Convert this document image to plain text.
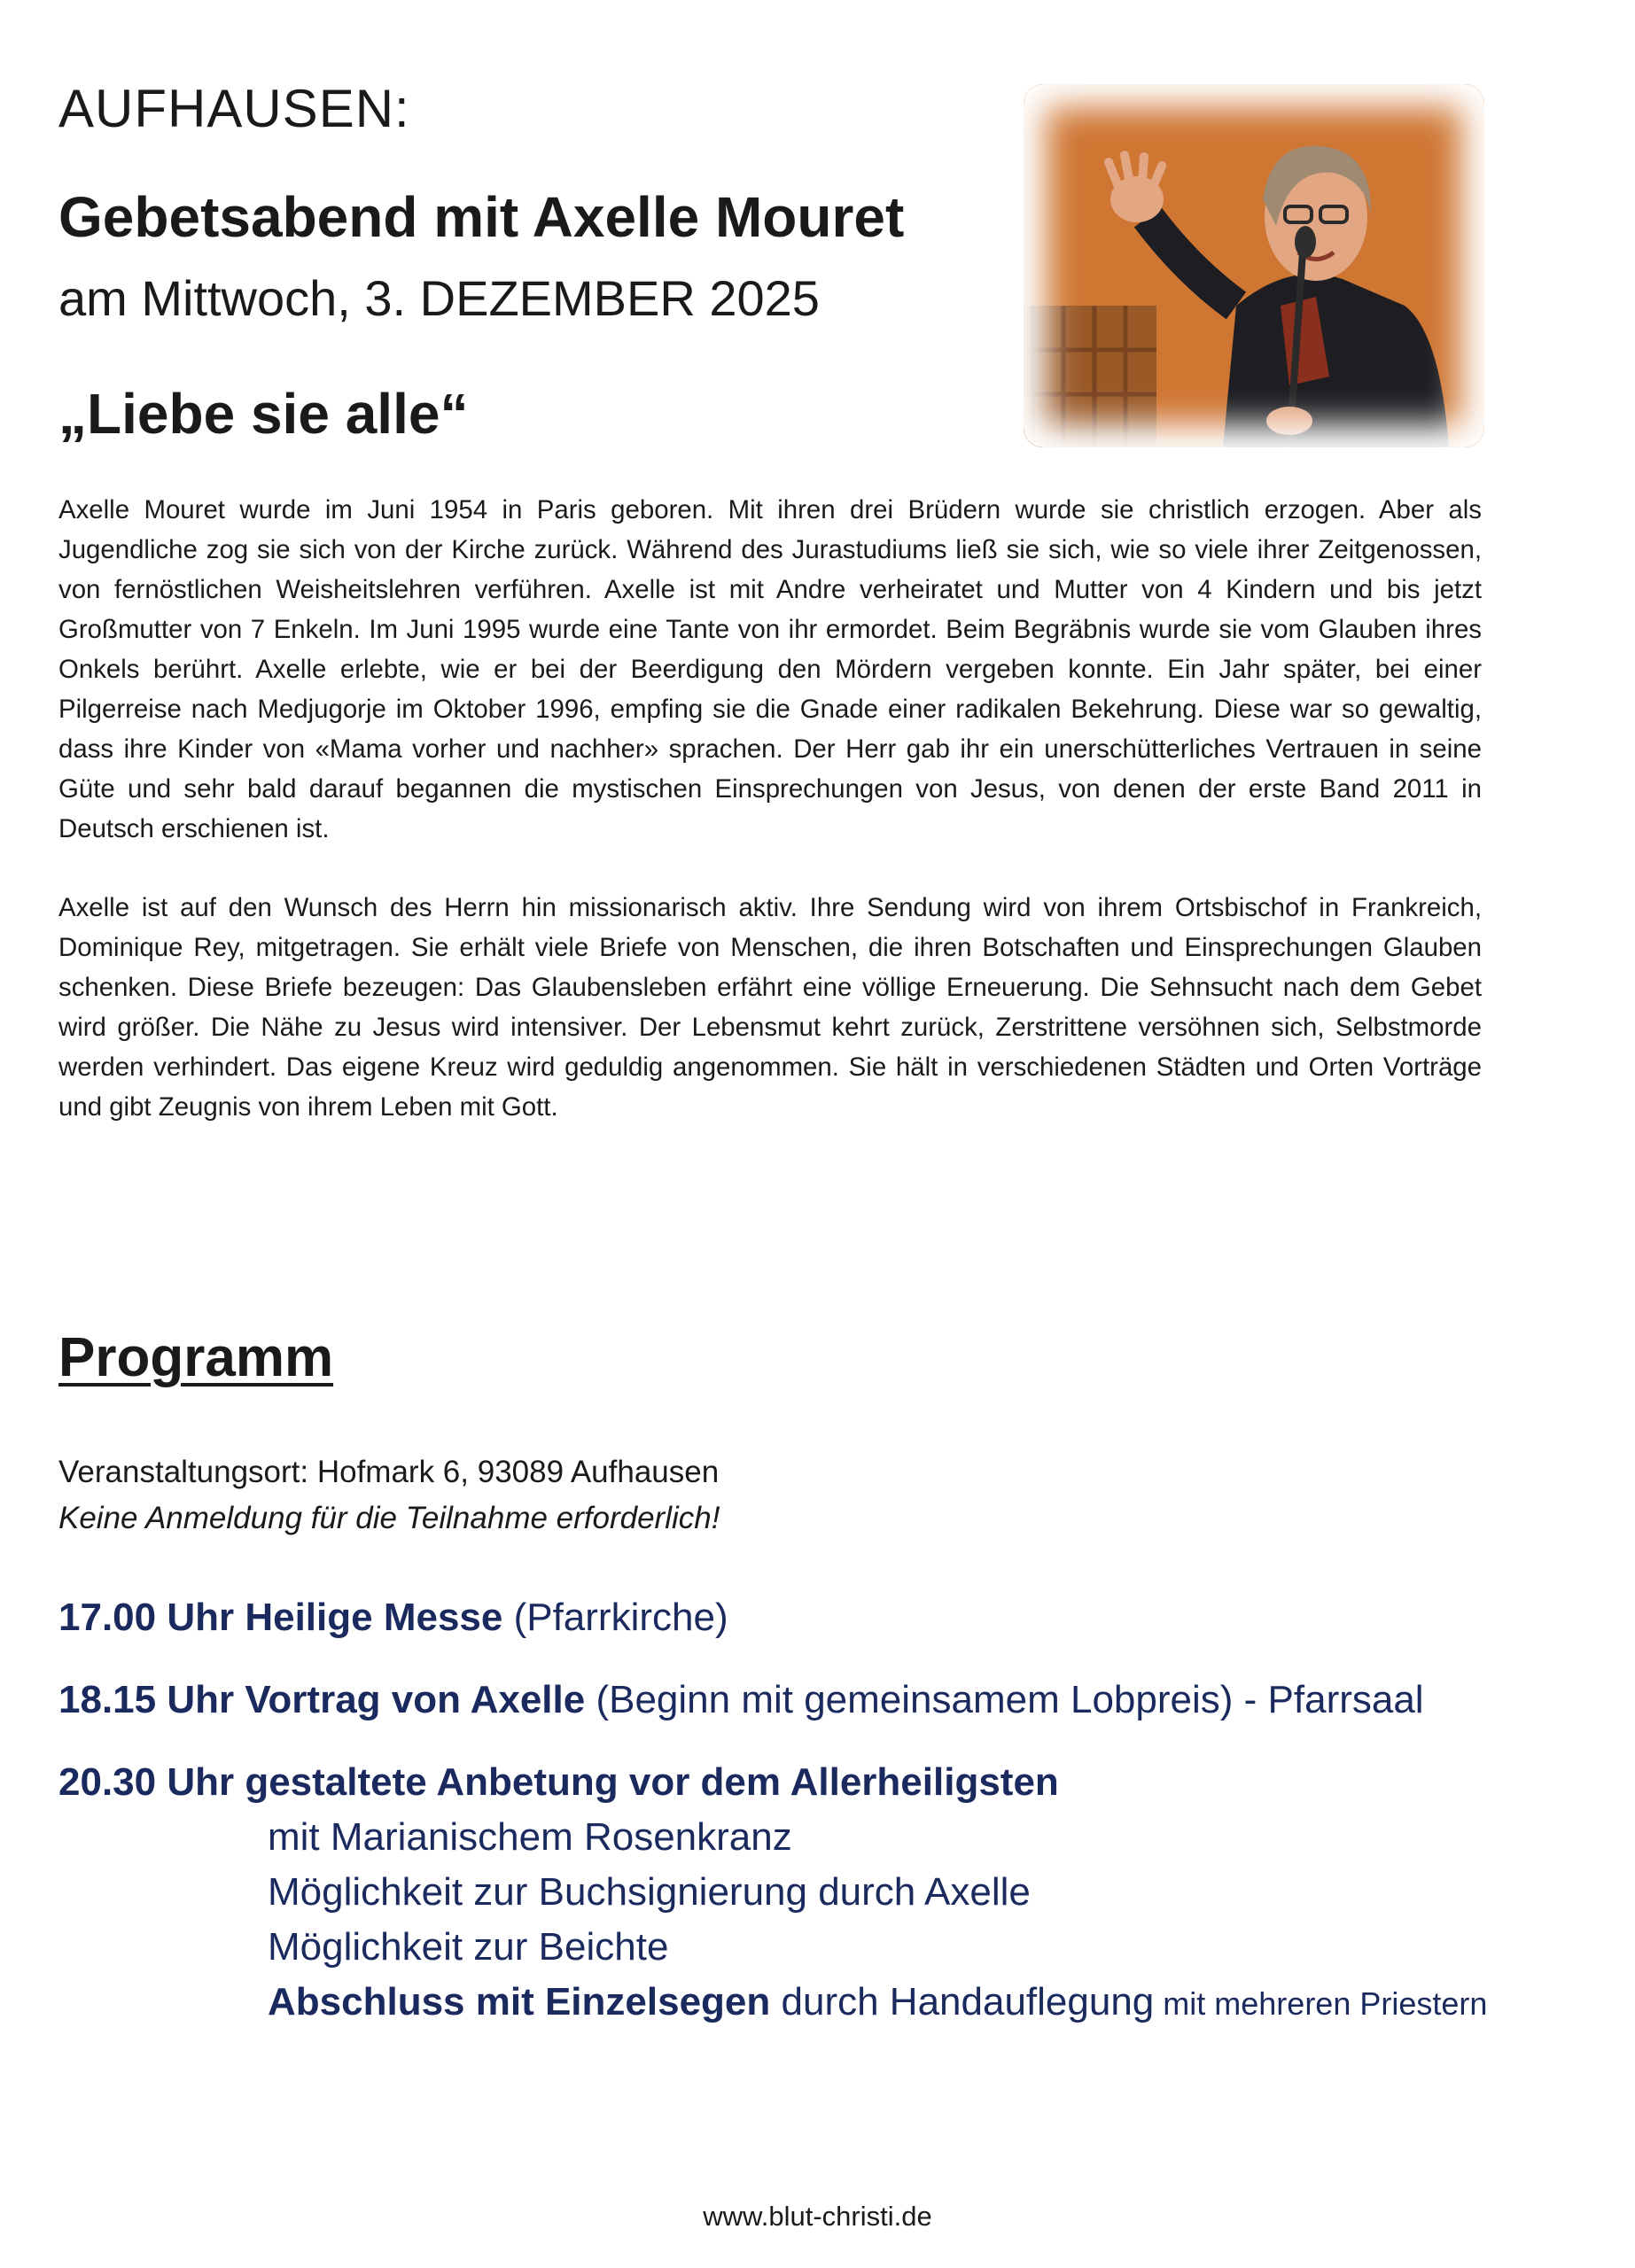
AUFHAUSEN:
Gebetsabend mit Axelle Mouret

am Mittwoch, 3. DEZEMBER 2025

„Liebe sie alle“

Axelle Mouret wurde im Juni 1954 in Paris geboren. Mit ihren drei Brüdern wurde sie christlich erzogen. Aber als Jugendliche zog sie sich von der Kirche zurück. Während des Jurastudiums ließ sie sich, wie so viele ihrer Zeitgenossen, von fernöstlichen Weisheitslehren verführen. Axelle ist mit Andre verheiratet und Mutter von 4 Kindern und bis jetzt Großmutter von 7 Enkeln. Im Juni 1995 wurde eine Tante von ihr ermordet. Beim Begräbnis wurde sie vom Glauben ihres Onkels berührt. Axelle erlebte, wie er bei der Beerdigung den Mördern vergeben konnte. Ein Jahr später, bei einer Pilgerreise nach Medjugorje im Oktober 1996, empfing sie die Gnade einer radikalen Bekehrung. Diese war so gewaltig, dass ihre Kinder von «Mama vorher und nachher» sprachen. Der Herr gab ihr ein unerschütterliches Vertrauen in seine Güte und sehr bald darauf begannen die mystischen Einsprechungen von Jesus, von denen der erste Band 2011 in Deutsch erschienen ist.

Axelle ist auf den Wunsch des Herrn hin missionarisch aktiv. Ihre Sendung wird von ihrem Ortsbischof in Frankreich, Dominique Rey, mitgetragen. Sie erhält viele Briefe von Menschen, die ihren Botschaften und Einsprechungen Glauben schenken. Diese Briefe bezeugen: Das Glaubensleben erfährt eine völlige Erneuerung. Die Sehnsucht nach dem Gebet wird größer. Die Nähe zu Jesus wird intensiver. Der Lebensmut kehrt zurück, Zerstrittene versöhnen sich, Selbstmorde werden verhindert. Das eigene Kreuz wird geduldig angenommen. Sie hält in verschiedenen Städten und Orten Vorträge und gibt Zeugnis von ihrem Leben mit Gott.

Programm

Veranstaltungsort: Hofmark 6, 93089 Aufhausen

Keine Anmeldung für die Teilnahme erforderlich!

17.00 Uhr Heilige Messe (Pfarrkirche)

18.15 Uhr Vortrag von Axelle (Beginn mit gemeinsamem Lobpreis) - Pfarrsaal

20.30 Uhr gestaltete Anbetung vor dem Allerheiligsten

mit Marianischem Rosenkranz

Möglichkeit zur Buchsignierung durch Axelle

Möglichkeit zur Beichte

Abschluss mit Einzelsegen durch Handauflegung mit mehreren Priestern

www.blut-christi.de
